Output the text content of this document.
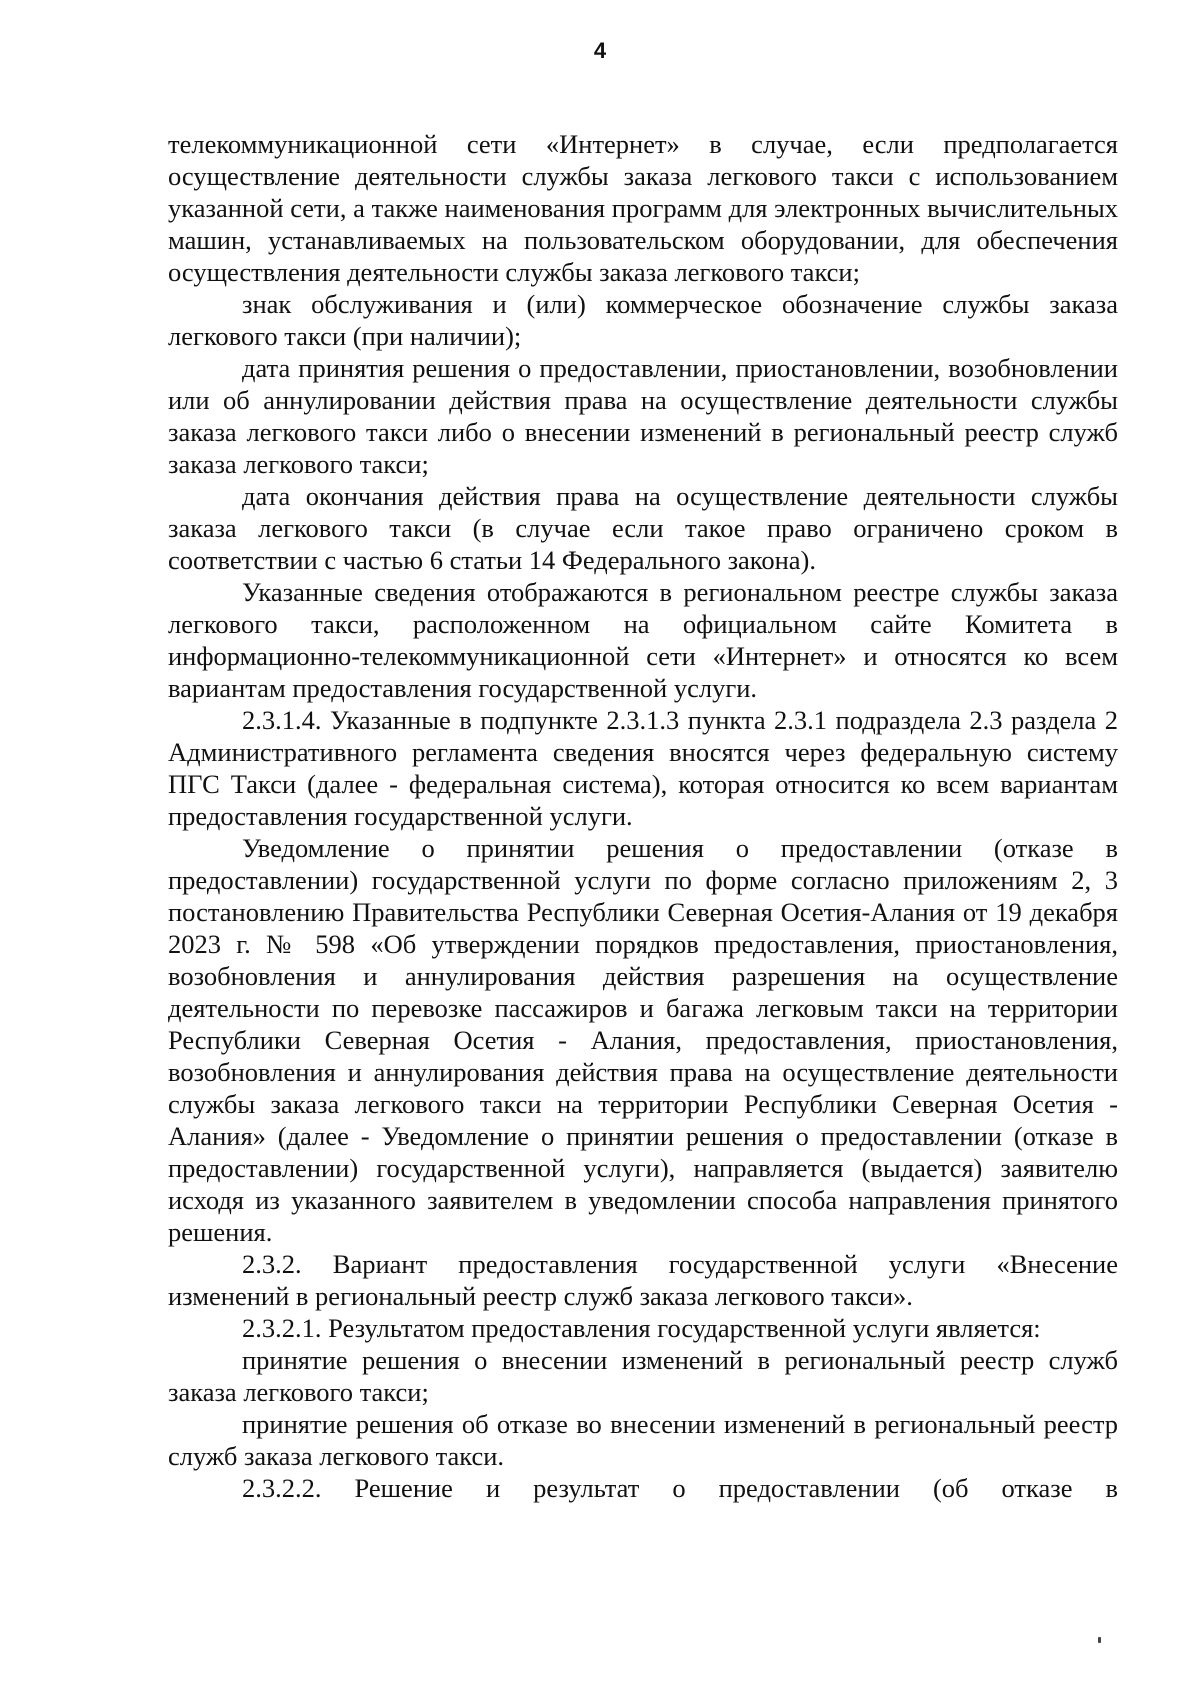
4

телекоммуникационной сети «Интернет» в случае, если предполагается осуществление деятельности службы заказа легкового такси с использованием указанной сети, а также наименования программ для электронных вычислительных машин, устанавливаемых на пользовательском оборудовании, для обеспечения осуществления деятельности службы заказа легкового такси;

знак обслуживания и (или) коммерческое обозначение службы заказа легкового такси (при наличии);

дата принятия решения о предоставлении, приостановлении, возобновлении или об аннулировании действия права на осуществление деятельности службы заказа легкового такси либо о внесении изменений в региональный реестр служб заказа легкового такси;

дата окончания действия права на осуществление деятельности службы заказа легкового такси (в случае если такое право ограничено сроком в соответствии с частью 6 статьи 14 Федерального закона).

Указанные сведения отображаются в региональном реестре службы заказа легкового такси, расположенном на официальном сайте Комитета в информационно-телекоммуникационной сети «Интернет» и относятся ко всем вариантам предоставления государственной услуги.

2.3.1.4. Указанные в подпункте 2.3.1.3 пункта 2.3.1 подраздела 2.3 раздела 2 Административного регламента сведения вносятся через федеральную систему ПГС Такси (далее - федеральная система), которая относится ко всем вариантам предоставления государственной услуги.

Уведомление о принятии решения о предоставлении (отказе в предоставлении) государственной услуги по форме согласно приложениям 2, 3 постановлению Правительства Республики Северная Осетия-Алания от 19 декабря 2023 г. № 598 «Об утверждении порядков предоставления, приостановления, возобновления и аннулирования действия разрешения на осуществление деятельности по перевозке пассажиров и багажа легковым такси на территории Республики Северная Осетия - Алания, предоставления, приостановления, возобновления и аннулирования действия права на осуществление деятельности службы заказа легкового такси на территории Республики Северная Осетия - Алания» (далее - Уведомление о принятии решения о предоставлении (отказе в предоставлении) государственной услуги), направляется (выдается) заявителю исходя из указанного заявителем в уведомлении способа направления принятого решения.

2.3.2. Вариант предоставления государственной услуги «Внесение изменений в региональный реестр служб заказа легкового такси».

2.3.2.1. Результатом предоставления государственной услуги является:

принятие решения о внесении изменений в региональный реестр служб заказа легкового такси;

принятие решения об отказе во внесении изменений в региональный реестр служб заказа легкового такси.

2.3.2.2. Решение и результат о предоставлении (об отказе в
